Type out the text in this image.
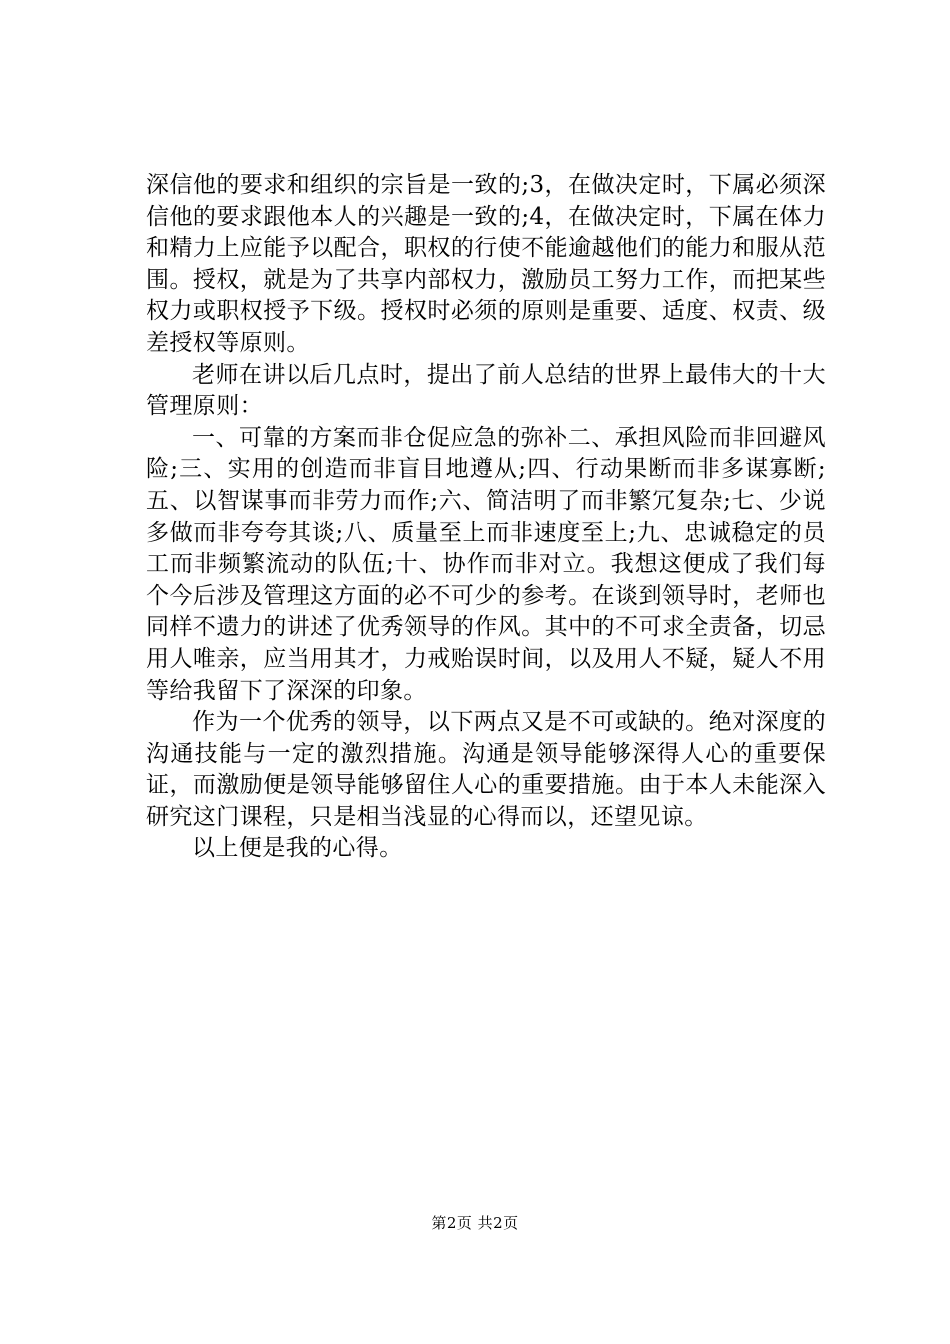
深信他的要求和组织的宗旨是一致的;3，在做决定时，下属必须深信他的要求跟他本人的兴趣是一致的;4，在做决定时，下属在体力和精力上应能予以配合，职权的行使不能逾越他们的能力和服从范围。授权，就是为了共享内部权力，激励员工努力工作，而把某些权力或职权授予下级。授权时必须的原则是重要、适度、权责、级差授权等原则。

老师在讲以后几点时，提出了前人总结的世界上最伟大的十大管理原则：

一、可靠的方案而非仓促应急的弥补二、承担风险而非回避风险;三、实用的创造而非盲目地遵从;四、行动果断而非多谋寡断;五、以智谋事而非劳力而作;六、简洁明了而非繁冗复杂;七、少说多做而非夸夸其谈;八、质量至上而非速度至上;九、忠诚稳定的员工而非频繁流动的队伍;十、协作而非对立。我想这便成了我们每个今后涉及管理这方面的必不可少的参考。在谈到领导时，老师也同样不遗力的讲述了优秀领导的作风。其中的不可求全责备，切忌用人唯亲，应当用其才，力戒贻误时间，以及用人不疑，疑人不用等给我留下了深深的印象。

作为一个优秀的领导，以下两点又是不可或缺的。绝对深度的沟通技能与一定的激烈措施。沟通是领导能够深得人心的重要保证，而激励便是领导能够留住人心的重要措施。由于本人未能深入研究这门课程，只是相当浅显的心得而以，还望见谅。

以上便是我的心得。

第2页 共2页
